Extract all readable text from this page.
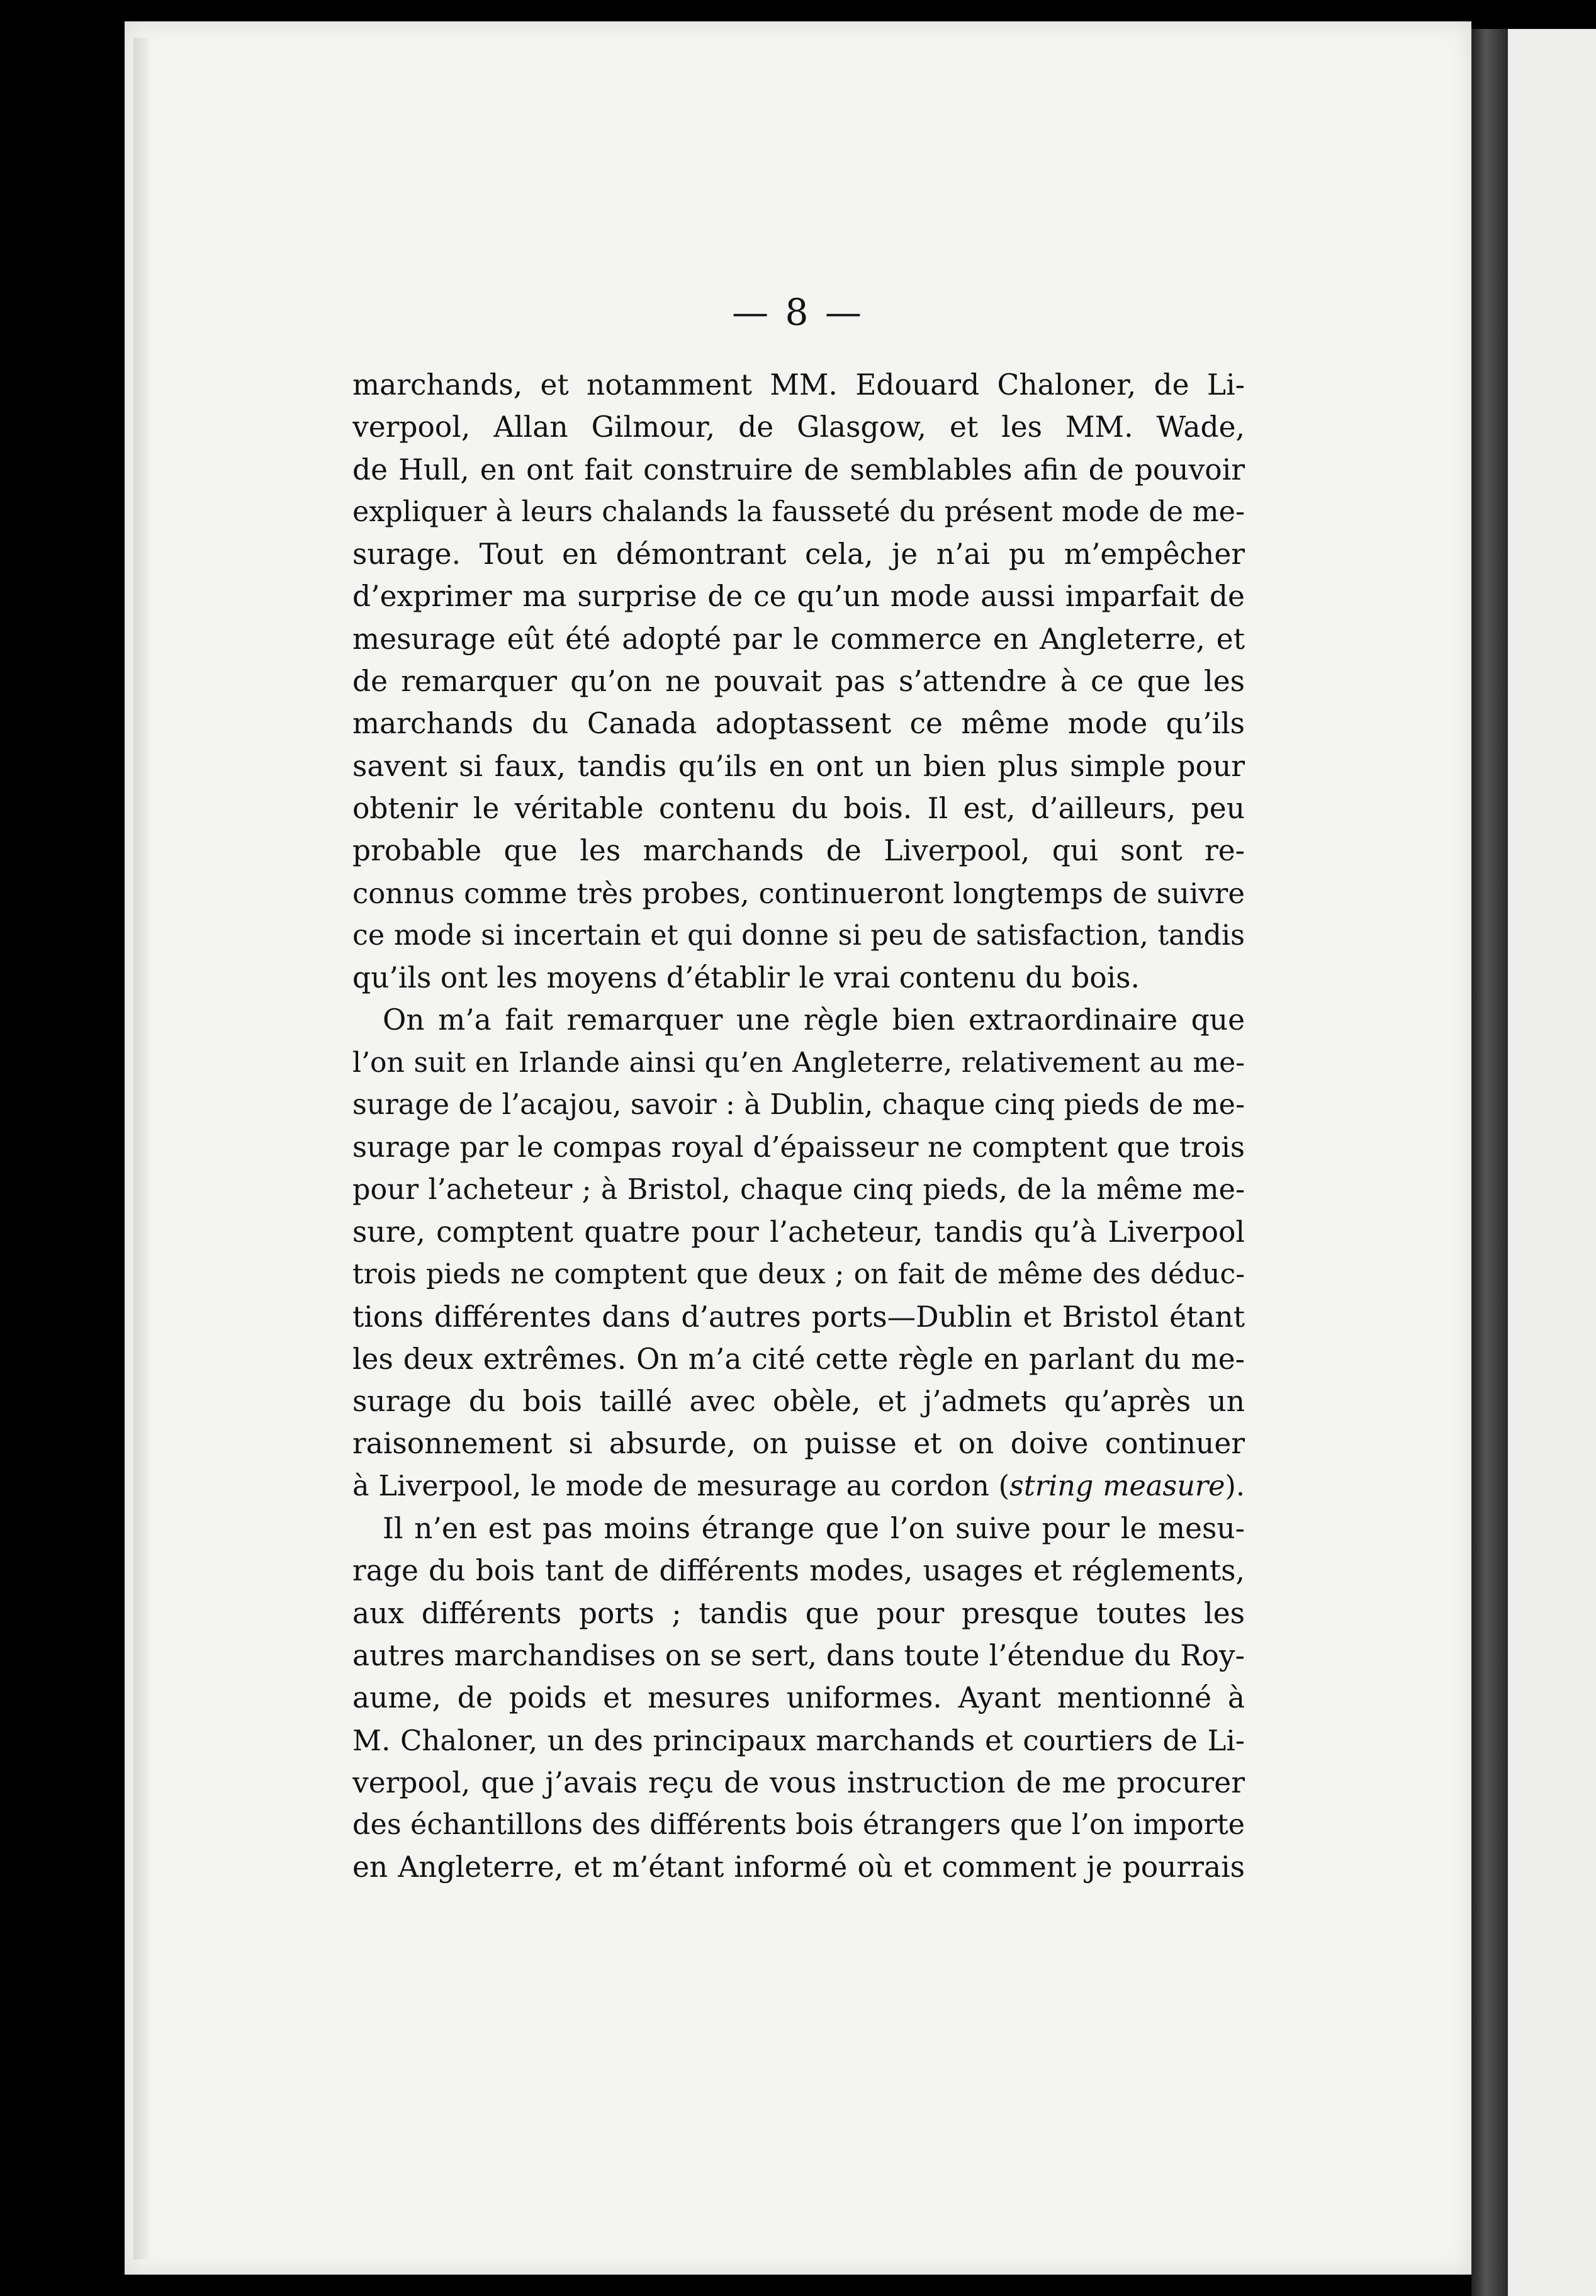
— 8 —
marchands, et notamment MM. Edouard Chaloner, de Li-
verpool, Allan Gilmour, de Glasgow, et les MM. Wade,
de Hull, en ont fait construire de semblables afin de pouvoir
expliquer à leurs chalands la fausseté du présent mode de me-
surage. Tout en démontrant cela, je n’ai pu m’empêcher
d’exprimer ma surprise de ce qu’un mode aussi imparfait de
mesurage eût été adopté par le commerce en Angleterre, et
de remarquer qu’on ne pouvait pas s’attendre à ce que les
marchands du Canada adoptassent ce même mode qu’ils
savent si faux, tandis qu’ils en ont un bien plus simple pour
obtenir le véritable contenu du bois. Il est, d’ailleurs, peu
probable que les marchands de Liverpool, qui sont re-
connus comme très probes, continueront longtemps de suivre
ce mode si incertain et qui donne si peu de satisfaction, tandis
qu’ils ont les moyens d’établir le vrai contenu du bois.
On m’a fait remarquer une règle bien extraordinaire que
l’on suit en Irlande ainsi qu’en Angleterre, relativement au me-
surage de l’acajou, savoir : à Dublin, chaque cinq pieds de me-
surage par le compas royal d’épaisseur ne comptent que trois
pour l’acheteur ; à Bristol, chaque cinq pieds, de la même me-
sure, comptent quatre pour l’acheteur, tandis qu’à Liverpool
trois pieds ne comptent que deux ; on fait de même des déduc-
tions différentes dans d’autres ports—Dublin et Bristol étant
les deux extrêmes. On m’a cité cette règle en parlant du me-
surage du bois taillé avec obèle, et j’admets qu’après un
raisonnement si absurde, on puisse et on doive continuer
à Liverpool, le mode de mesurage au cordon (string measure).
Il n’en est pas moins étrange que l’on suive pour le mesu-
rage du bois tant de différents modes, usages et réglements,
aux différents ports ; tandis que pour presque toutes les
autres marchandises on se sert, dans toute l’étendue du Roy-
aume, de poids et mesures uniformes. Ayant mentionné à
M. Chaloner, un des principaux marchands et courtiers de Li-
verpool, que j’avais reçu de vous instruction de me procurer
des échantillons des différents bois étrangers que l’on importe
en Angleterre, et m’étant informé où et comment je pourrais
